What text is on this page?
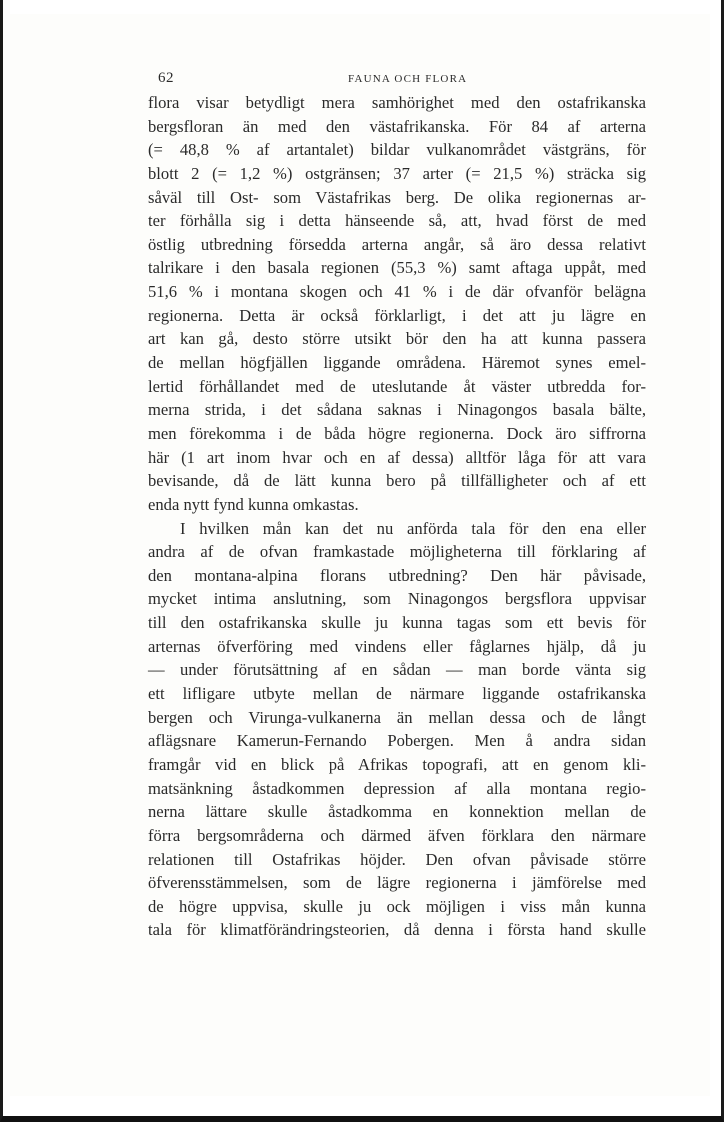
62	FAUNA OCH FLORA
flora visar betydligt mera samhörighet med den ostafrikanska
bergsfloran än med den västafrikanska. För 84 af arterna
(= 48,8 % af artantalet) bildar vulkanområdet västgräns, för
blott 2 (= 1,2 %) ostgränsen; 37 arter (= 21,5 %) sträcka sig
såväl till Ost- som Västafrikas berg. De olika regionernas ar-
ter förhålla sig i detta hänseende så, att, hvad först de med
östlig utbredning försedda arterna angår, så äro dessa relativt
talrikare i den basala regionen (55,3 %) samt aftaga uppåt, med
51,6 % i montana skogen och 41 % i de där ofvanför belägna
regionerna. Detta är också förklarligt, i det att ju lägre en
art kan gå, desto större utsikt bör den ha att kunna passera
de mellan högfjällen liggande områdena. Häremot synes emel-
lertid förhållandet med de uteslutande åt väster utbredda for-
merna strida, i det sådana saknas i Ninagongos basala bälte,
men förekomma i de båda högre regionerna. Dock äro siffrorna
här (1 art inom hvar och en af dessa) alltför låga för att vara
bevisande, då de lätt kunna bero på tillfälligheter och af ett
enda nytt fynd kunna omkastas.
I hvilken mån kan det nu anförda tala för den ena eller
andra af de ofvan framkastade möjligheterna till förklaring af
den montana-alpina florans utbredning? Den här påvisade,
mycket intima anslutning, som Ninagongos bergsflora uppvisar
till den ostafrikanska skulle ju kunna tagas som ett bevis för
arternas öfverföring med vindens eller fåglarnes hjälp, då ju
— under förutsättning af en sådan — man borde vänta sig
ett lifligare utbyte mellan de närmare liggande ostafrikanska
bergen och Virunga-vulkanerna än mellan dessa och de långt
aflägsnare Kamerun-Fernando Pobergen. Men å andra sidan
framgår vid en blick på Afrikas topografi, att en genom kli-
matsänkning åstadkommen depression af alla montana regio-
nerna lättare skulle åstadkomma en konnektion mellan de
förra bergsområderna och därmed äfven förklara den närmare
relationen till Ostafrikas höjder. Den ofvan påvisade större
öfverensstämmelsen, som de lägre regionerna i jämförelse med
de högre uppvisa, skulle ju ock möjligen i viss mån kunna
tala för klimatförändringsteorien, då denna i första hand skulle
